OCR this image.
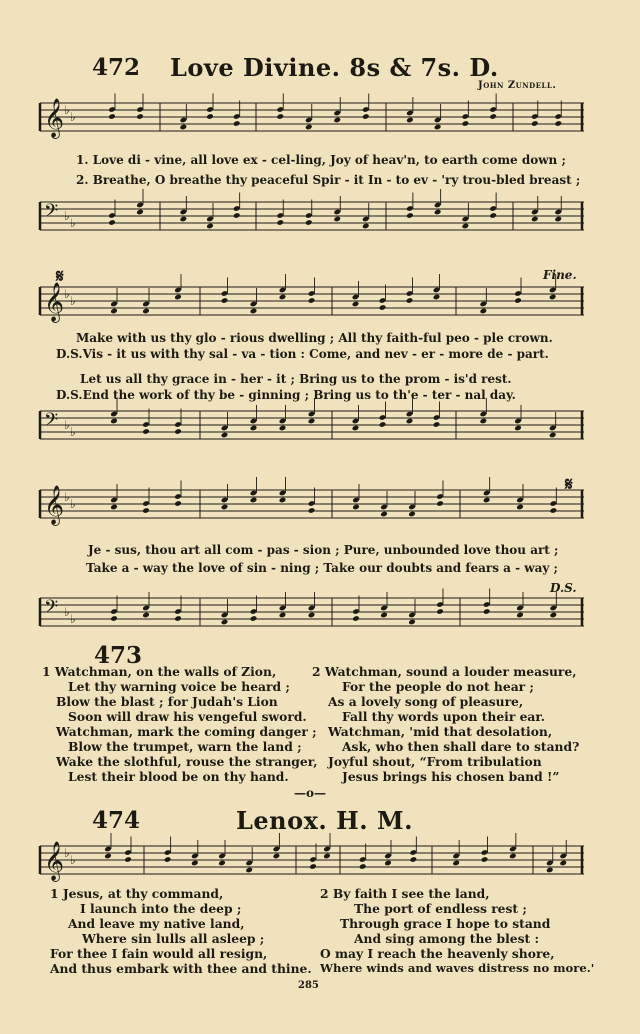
472 Love Divine. 8s & 7s. D.
John Zundell.
𝄞 ♭ ♭
1. Love di - vine, all love ex - cel-ling, Joy of heav'n, to earth come down ;
2. Breathe, O breathe thy peaceful Spir - it In - to ev - 'ry trou-bled breast ;
𝄢 ♭ ♭
𝄋	Fine.
𝄞 ♭ ♭
Make with us thy glo - rious dwelling ; All thy faith-ful peo - ple crown.
D.S.Vis - it us with thy sal - va - tion : Come, and nev - er - more de - part.
Let us all thy grace in - her - it ; Bring us to the prom - is'd rest.
D.S.End the work of thy be - ginning ; Bring us to th'e - ter - nal day.
𝄢 ♭ ♭
𝄋
𝄞 ♭ ♭
Je - sus, thou art all com - pas - sion ; Pure, unbounded love thou art ;
Take a - way the love of sin - ning ; Take our doubts and fears a - way ;
D.S.
𝄢 ♭ ♭
473
1 Watchman, on the walls of Zion,
Let thy warning voice be heard ;
Blow the blast ; for Judah's Lion
Soon will draw his vengeful sword.
Watchman, mark the coming danger ;
Blow the trumpet, warn the land ;
Wake the slothful, rouse the stranger,
Lest their blood be on thy hand.
2 Watchman, sound a louder measure,
For the people do not hear ;
As a lovely song of pleasure,
Fall thy words upon their ear.
Watchman, 'mid that desolation,
Ask, who then shall dare to stand?
Joyful shout, “From tribulation
Jesus brings his chosen band !”
—o—
474	Lenox. H. M.
𝄞 ♭ ♭
1 Jesus, at thy command,
I launch into the deep ;
And leave my native land,
Where sin lulls all asleep ;
For thee I fain would all resign,
And thus embark with thee and thine.
2 By faith I see the land,
The port of endless rest ;
Through grace I hope to stand
And sing among the blest :
O may I reach the heavenly shore,
Where winds and waves distress no more.'
285
